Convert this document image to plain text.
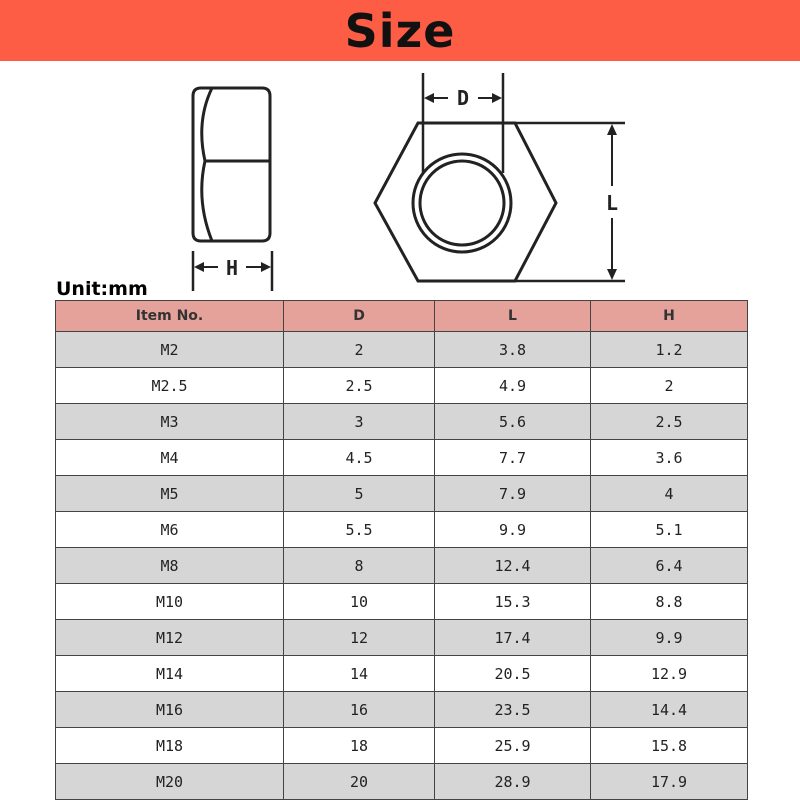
Size
H
D
L
Unit:mm
Item No.	D	L	H
M2	2	3.8	1.2
M2.5	2.5	4.9	2
M3	3	5.6	2.5
M4	4.5	7.7	3.6
M5	5	7.9	4
M6	5.5	9.9	5.1
M8	8	12.4	6.4
M10	10	15.3	8.8
M12	12	17.4	9.9
M14	14	20.5	12.9
M16	16	23.5	14.4
M18	18	25.9	15.8
M20	20	28.9	17.9
